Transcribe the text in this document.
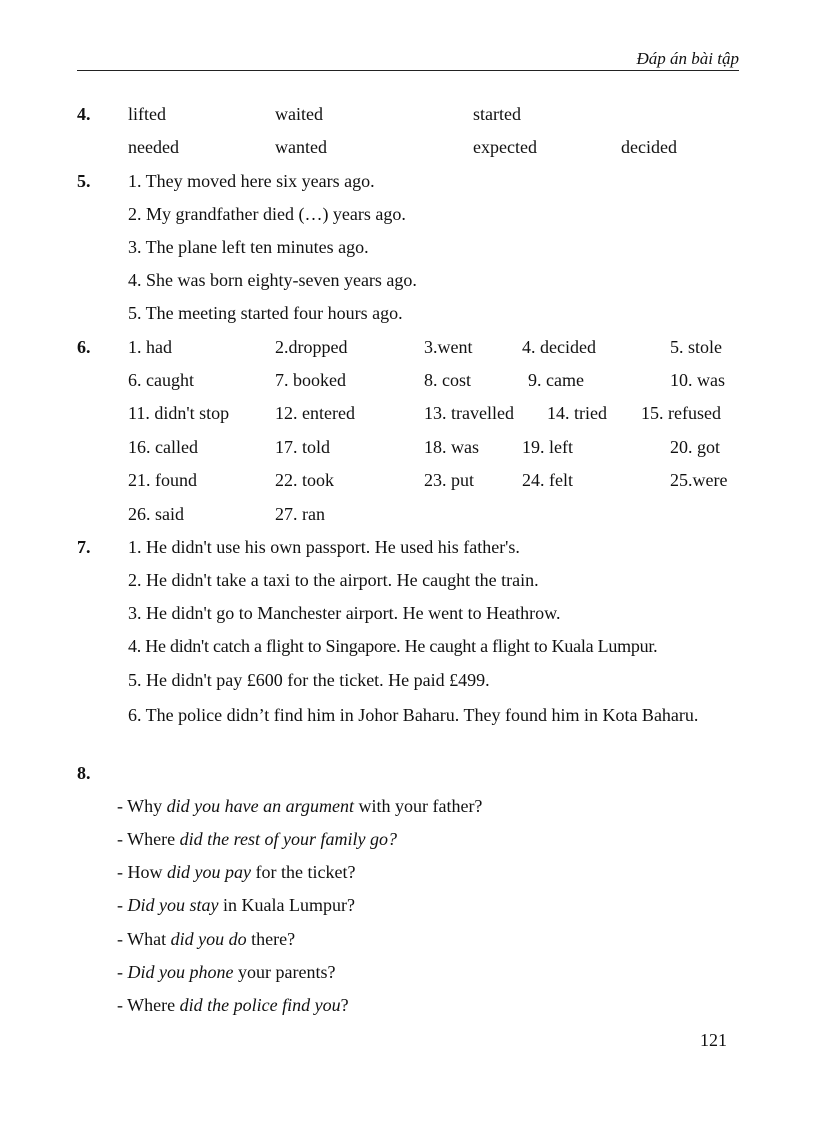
Đáp án bài tập
4. lifted	waited	started
needed	wanted	expected	decided
5. 1. They moved here six years ago.
2. My grandfather died (…) years ago.
3. The plane left ten minutes ago.
4. She was born eighty-seven years ago.
5. The meeting started four hours ago.
6. 1. had	2.dropped	3.went	4. decided	5. stole
6. caught	7. booked	8. cost	9. came	10. was
11. didn't stop	12. entered	13. travelled 14. tried 15. refused
16. called	17. told	18. was 19. left	20. got
21. found	22. took	23. put	24. felt	25.were
26. said	27. ran
7. 1. He didn't use his own passport. He used his father's.
2. He didn't take a taxi to the airport. He caught the train.
3. He didn't go to Manchester airport. He went to Heathrow.
4. He didn't catch a flight to Singapore. He caught a flight to Kuala Lumpur.
5. He didn't pay £600 for the ticket. He paid £499.
6. The police didn’t find him in Johor Baharu. They found him in Kota Baharu.
8.
- Why did you have an argument with your father?
- Where did the rest of your family go?
- How did you pay for the ticket?
- Did you stay in Kuala Lumpur?
- What did you do there?
- Did you phone your parents?
- Where did the police find you?
121
